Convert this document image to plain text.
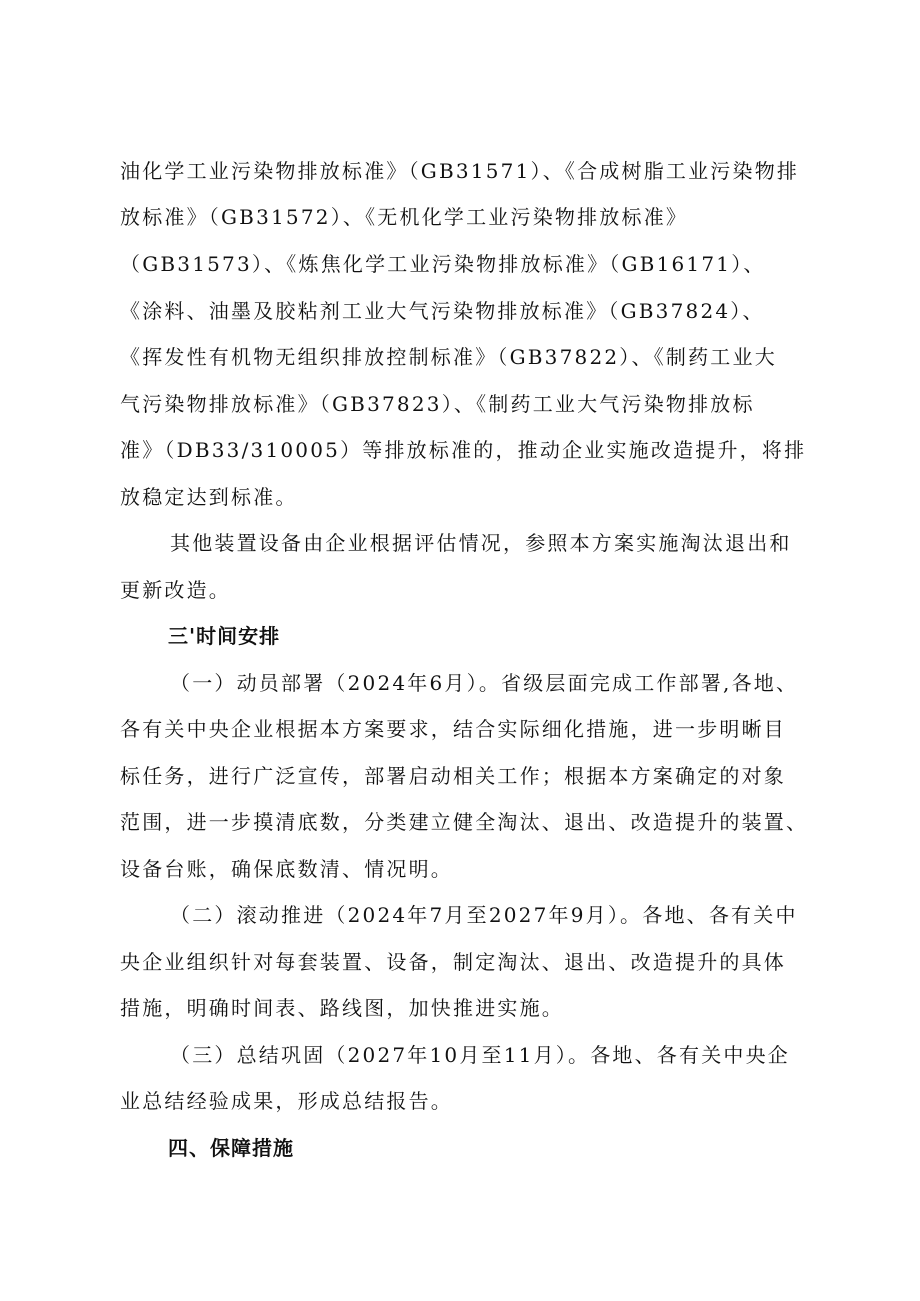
油化学工业污染物排放标准》（GB31571）、《合成树脂工业污染物排
放标准》（GB31572）、《无机化学工业污染物排放标准》
（GB31573）、《炼焦化学工业污染物排放标准》（GB16171）、
《涂料、油墨及胶粘剂工业大气污染物排放标准》（GB37824）、
《挥发性有机物无组织排放控制标准》（GB37822）、《制药工业大
气污染物排放标准》（GB37823）、《制药工业大气污染物排放标
准》（DB33/310005）等排放标准的，推动企业实施改造提升，将排
放稳定达到标准。
其他装置设备由企业根据评估情况，参照本方案实施淘汰退出和
更新改造。
三'时间安排
（一）动员部署（2024年6月）。省级层面完成工作部署,各地、
各有关中央企业根据本方案要求，结合实际细化措施，进一步明晰目
标任务，进行广泛宣传，部署启动相关工作；根据本方案确定的对象
范围，进一步摸清底数，分类建立健全淘汰、退出、改造提升的装置、
设备台账，确保底数清、情况明。
（二）滚动推进（2024年7月至2027年9月）。各地、各有关中
央企业组织针对每套装置、设备，制定淘汰、退出、改造提升的具体
措施，明确时间表、路线图，加快推进实施。
（三）总结巩固（2027年10月至11月）。各地、各有关中央企
业总结经验成果，形成总结报告。
四、保障措施
